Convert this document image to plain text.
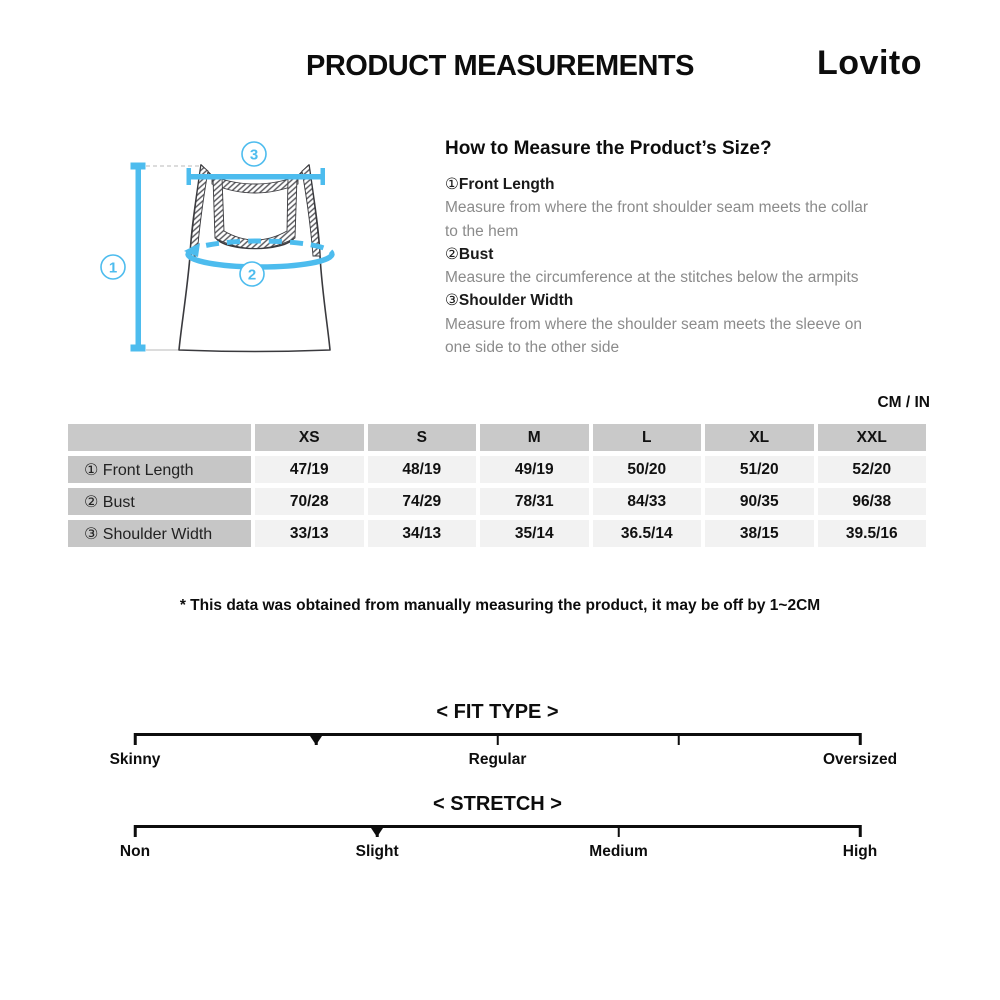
PRODUCT MEASUREMENTS	Lovito
1	2
3	How to Measure the Product’s Size?
①Front Length
Measure from where the front shoulder seam meets the collar to the hem
②Bust
Measure the circumference at the stitches below the armpits
③Shoulder Width
Measure from where the shoulder seam meets the sleeve on one side to the other side
CM / IN
	XS	S	M	L	XL	XXL
① Front Length	47/19	48/19	49/19	50/20	51/20	52/20
② Bust	70/28	74/29	78/31	84/33	90/35	96/38
③ Shoulder Width	33/13	34/13	35/14	36.5/14	38/15	39.5/16
* This data was obtained from manually measuring the product, it may be off by 1~2CM
< FIT TYPE >
Skinny	Regular	Oversized
< STRETCH >
Non	Slight	Medium	High
